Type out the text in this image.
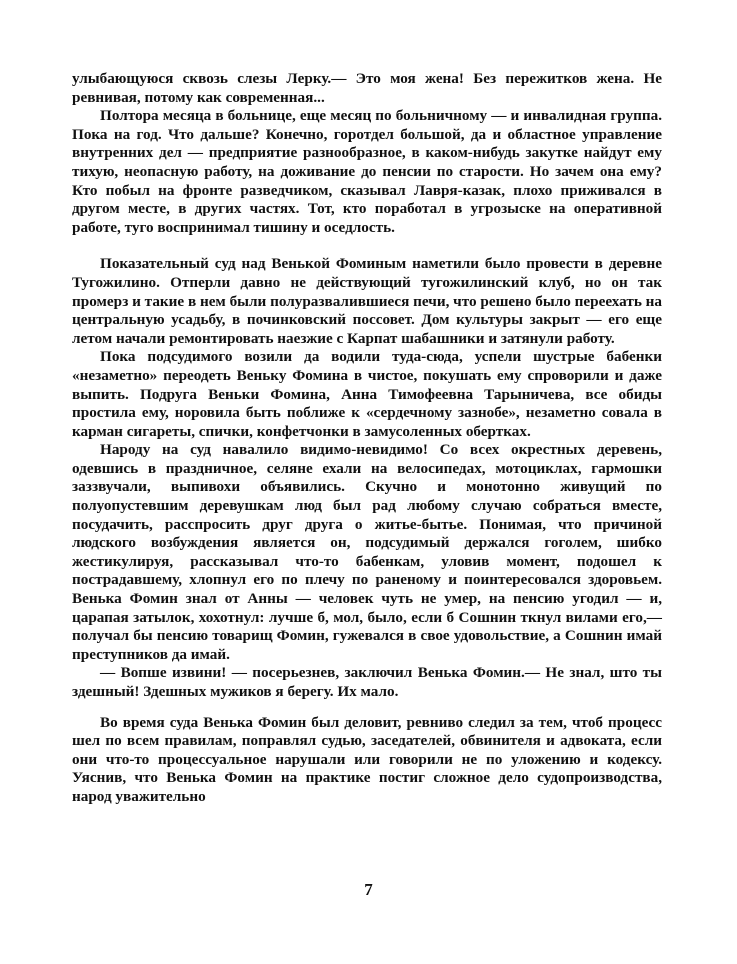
улыбающуюся сквозь слезы Лерку.— Это моя жена! Без пережитков жена. Не ревнивая, потому как современная...

Полтора месяца в больнице, еще месяц по больничному — и инвалидная группа. Пока на год. Что дальше? Конечно, горотдел большой, да и областное управление внутренних дел — предприятие разнообразное, в каком-нибудь закутке найдут ему тихую, неопасную работу, на доживание до пенсии по старости. Но зачем она ему? Кто побыл на фронте разведчиком, сказывал Лавря-казак, плохо приживался в другом месте, в других частях. Тот, кто поработал в угрозыске на оперативной работе, туго воспринимал тишину и оседлость.

Показательный суд над Венькой Фоминым наметили было провести в деревне Тугожилино. Отперли давно не действующий тугожилинский клуб, но он так промерз и такие в нем были полуразвалившиеся печи, что решено было переехать на центральную усадьбу, в починковский поссовет. Дом культуры закрыт — его еще летом начали ремонтировать наезжие с Карпат шабашники и затянули работу.

Пока подсудимого возили да водили туда-сюда, успели шустрые бабенки «незаметно» переодеть Веньку Фомина в чистое, покушать ему спроворили и даже выпить. Подруга Веньки Фомина, Анна Тимофеевна Тарыничева, все обиды простила ему, норовила быть поближе к «сердечному зазнобе», незаметно совала в карман сигареты, спички, конфетчонки в замусоленных обертках.

Народу на суд навалило видимо-невидимо! Со всех окрестных деревень, одевшись в праздничное, селяне ехали на велосипедах, мотоциклах, гармошки заззвучали, выпивохи объявились. Скучно и монотонно живущий по полуопустевшим деревушкам люд был рад любому случаю собраться вместе, посудачить, расспросить друг друга о житье-бытье. Понимая, что причиной людского возбуждения является он, подсудимый держался гоголем, шибко жестикулируя, рассказывал что-то бабенкам, уловив момент, подошел к пострадавшему, хлопнул его по плечу по раненому и поинтересовался здоровьем. Венька Фомин знал от Анны — человек чуть не умер, на пенсию угодил — и, царапая затылок, хохотнул: лучше б, мол, было, если б Сошнин ткнул вилами его,— получал бы пенсию товарищ Фомин, гужевался в свое удовольствие, а Сошнин имай преступников да имай.

— Вопше извини! — посерьезнев, заключил Венька Фомин.— Не знал, што ты здешный! Здешных мужиков я берегу. Их мало.

Во время суда Венька Фомин был деловит, ревниво следил за тем, чтоб процесс шел по всем правилам, поправлял судью, заседателей, обвинителя и адвоката, если они что-то процессуальное нарушали или говорили не по уложению и кодексу. Уяснив, что Венька Фомин на практике постиг сложное дело судопроизводства, народ уважительно

7
